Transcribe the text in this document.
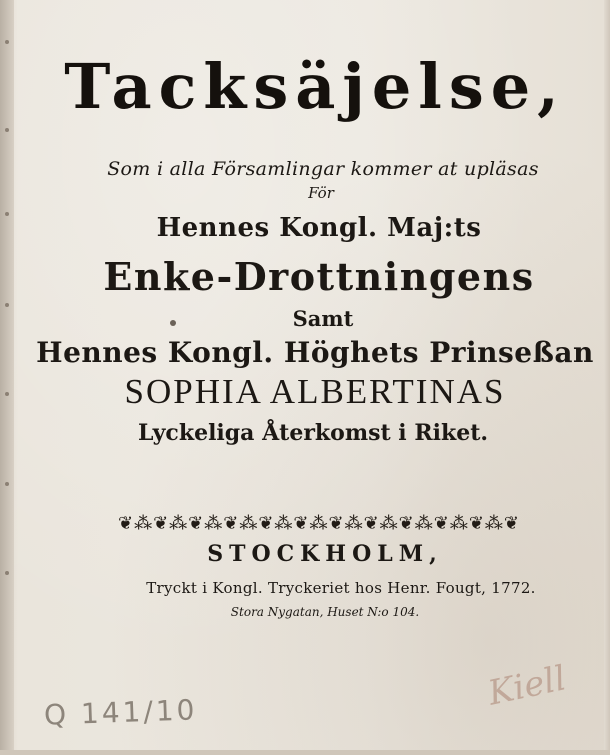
Tacksäjelse,
Som i alla Församlingar kommer at upläsas
För
Hennes Kongl. Maj:ts
Enke-Drottningens
Samt
Hennes Kongl. Höghets Prinseßan
SOPHIA ALBERTINAS
Lyckeliga Återkomst i Riket.
❦⁂❦⁂❦⁂❦⁂❦⁂❦⁂❦⁂❦⁂❦⁂❦⁂❦⁂❦
STOCKHOLM,
Tryckt i Kongl. Tryckeriet hos Henr. Fougt, 1772.
Stora Nygatan, Huset N:o 104.
Q 141/10	Kiell
